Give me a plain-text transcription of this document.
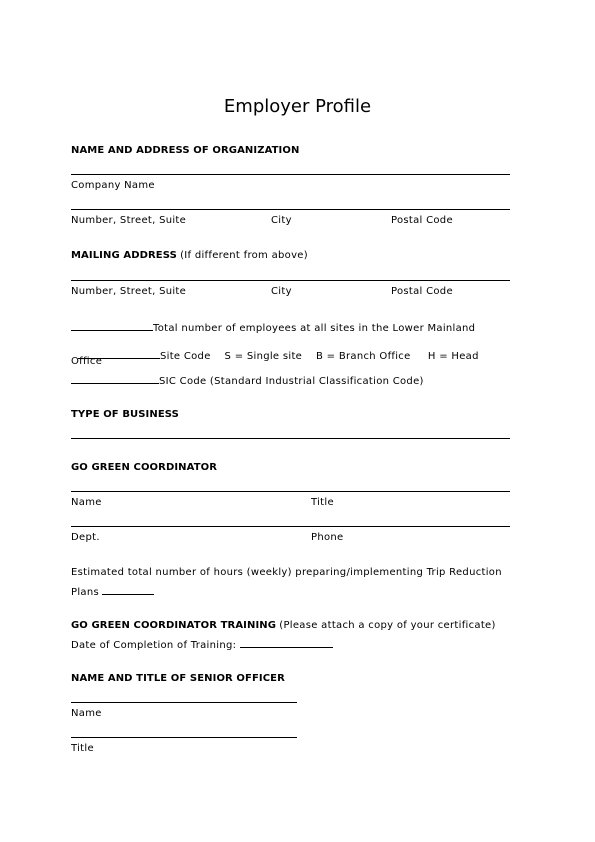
Employer Profile
NAME AND ADDRESS OF ORGANIZATION
Company Name
Number, Street, Suite	City	Postal Code
MAILING ADDRESS (If different from above)
Number, Street, Suite	City	Postal Code
Total number of employees at all sites in the Lower Mainland

Site Code    S = Single site    B = Branch Office     H = Head

Office
SIC Code (Standard Industrial Classification Code)
TYPE OF BUSINESS
GO GREEN COORDINATOR
Name	Title
Dept.	Phone
Estimated total number of hours (weekly) preparing/implementing Trip Reduction
Plans
GO GREEN COORDINATOR TRAINING (Please attach a copy of your certificate)
Date of Completion of Training:
NAME AND TITLE OF SENIOR OFFICER
Name
Title
